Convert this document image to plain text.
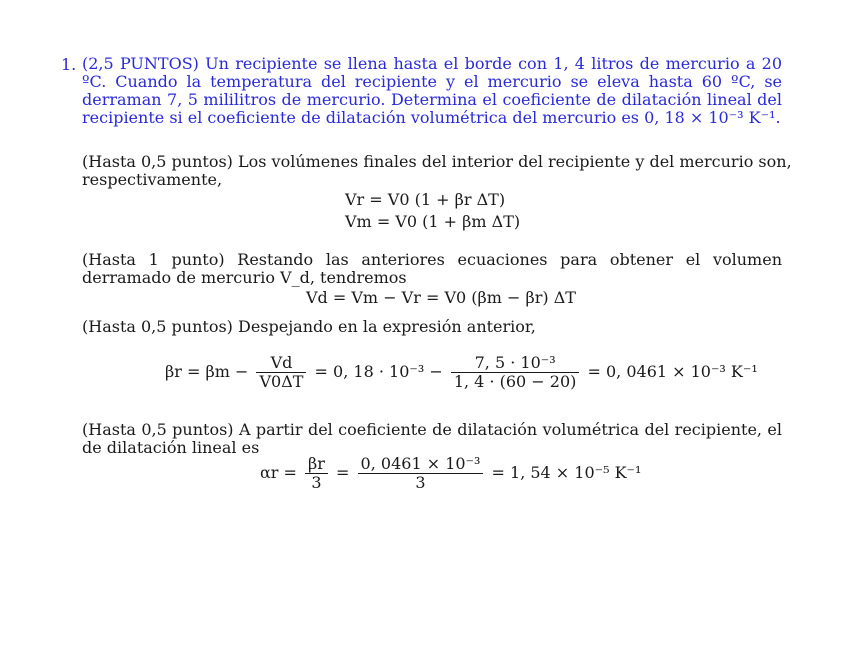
1. (2,5 PUNTOS) Un recipiente se llena hasta el borde con 1, 4 litros de mercurio a 20 ºC. Cuando la temperatura del recipiente y el mercurio se eleva hasta 60 ºC, se derraman 7, 5 mililitros de mercurio. Determina el coeficiente de dilatación lineal del recipiente si el coeficiente de dilatación volumétrica del mercurio es 0, 18 × 10⁻³ K⁻¹.
(Hasta 0,5 puntos) Los volúmenes finales del interior del recipiente y del mercurio son, respectivamente,
Vr = V0 (1 + βr ΔT)
Vm = V0 (1 + βm ΔT)
(Hasta 1 punto) Restando las anteriores ecuaciones para obtener el volumen derramado de mercurio V_d, tendremos
Vd = Vm − Vr = V0 (βm − βr) ΔT
(Hasta 0,5 puntos) Despejando en la expresión anterior,
$\beta r = \beta m - \frac{Vd}{V0\Delta T} = 0$, $18 \cdot 10^{-3} - \frac{\text{7, 5 · 10⁻³}}{1, 4 \cdot (60 - 20)} = 0$, 0461 × 10⁻³ K⁻¹
(Hasta 0,5 puntos) A partir del coeficiente de dilatación volumétrica del recipiente, el de dilatación lineal es
$\alpha r = \frac{\beta r}{3} = \frac{\text{0, 0461 × 10⁻³}}{3} = 1$, 54 × 10⁻⁵ K⁻¹
